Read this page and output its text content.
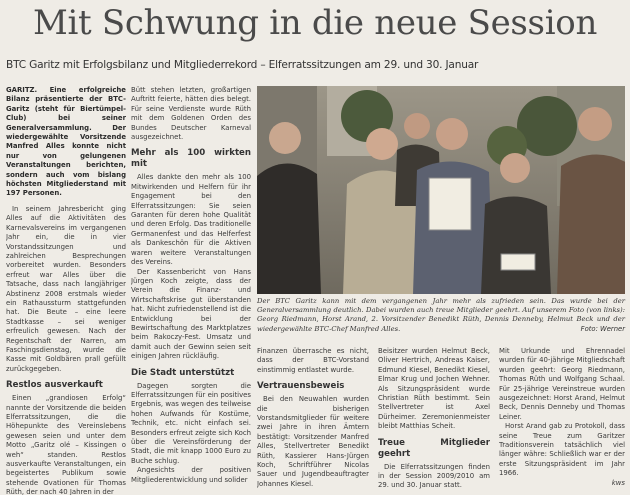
Mit Schwung in die neue Session
BTC Garitz mit Erfolgsbilanz und Mitgliederrekord – Elferratssitzungen am 29. und 30. Januar

GARITZ. Eine erfolgreiche Bilanz präsentierte der BTC-Garitz (steht für Biertümpel-Club) bei seiner Generalversammlung. Der wiedergewählte Vorsitzende Manfred Alles konnte nicht nur von gelungenen Veranstaltungen berichten, sondern auch vom bislang höchsten Mitgliederstand mit 197 Personen.

In seinem Jahresbericht ging Alles auf die Aktivitäten des Karnevalsvereins im vergangenen Jahr ein, die in vier Vorstandssitzungen und zahlreichen Besprechungen vorbereitet wurden. Besonders erfreut war Alles über die Tatsache, dass nach langjähriger Abstinenz 2008 erstmals wieder ein Rathaussturm stattgefunden hat. Die Beute – eine leere Stadtkasse – sei weniger erfreulich gewesen. Nach der Regentschaft der Narren, am Faschingsdienstag, wurde die Kasse mit Goldbären prall gefüllt zurückgegeben.

Restlos ausverkauft

Einen „grandiosen Erfolg“ nannte der Vorsitzende die beiden Elferratssitzungen, die die Höhepunkte des Vereinslebens gewesen seien und unter dem Motto „Garitz olé – Kissingen o weh“ standen. Restlos ausverkaufte Veranstaltungen, ein begeistertes Publikum sowie stehende Ovationen für Thomas Rüth, der nach 40 Jahren in der

Bütt stehen letzten, großartigen Auftritt feierte, hätten dies belegt. Für seine Verdienste wurde Rüth mit dem Goldenen Orden des Bundes Deutscher Karneval ausgezeichnet.

Mehr als 100 wirkten mit

Alles dankte den mehr als 100 Mitwirkenden und Helfern für ihr Engagement bei den Elferratssitzungen: Sie seien Garanten für deren hohe Qualität und deren Erfolg. Das traditionelle Germanenfest und das Helferfest als Dankeschön für die Aktiven waren weitere Veranstaltungen des Vereins.

Der Kassenbericht von Hans Jürgen Koch zeigte, dass der Verein die Finanz- und Wirtschaftskrise gut überstanden hat. Nicht zufriedenstellend ist die Entwicklung bei der Bewirtschaftung des Marktplatzes beim Rakoczy-Fest. Umsatz und damit auch der Gewinn seien seit einigen Jahren rückläufig.

Die Stadt unterstützt

Dagegen sorgten die Elferratssitzungen für ein positives Ergebnis, was wegen des teilweise hohen Aufwands für Kostüme, Technik, etc. nicht einfach sei. Besonders erfreut zeigte sich Koch über die Vereinsförderung der Stadt, die mit knapp 1000 Euro zu Buche schlug.

Angesichts der positiven Mitgliederentwicklung und solider

Der BTC Garitz kann mit dem vergangenen Jahr mehr als zufrieden sein. Das wurde bei der Generalversammlung deutlich. Dabei wurden auch treue Mitglieder geehrt. Auf unserem Foto (von links): Georg Riedmann, Horst Arand, 2. Vorsitzender Benedikt Rüth, Dennis Denneby, Helmut Beck und der wiedergewählte BTC-Chef Manfred Alles.	Foto: Werner

Finanzen überrasche es nicht, dass der BTC-Vorstand einstimmig entlastet wurde.

Vertrauensbeweis

Bei den Neuwahlen wurden die bisherigen Vorstandsmitglieder für weitere zwei Jahre in ihren Ämtern bestätigt: Vorsitzender Manfred Alles, Stellvertreter Benedikt Rüth, Kassierer Hans-Jürgen Koch, Schriftführer Nicolas Sauer und Jugendbeauftragter Johannes Kiesel.

Beisitzer wurden Helmut Beck, Oliver Hertrich, Andreas Kaiser, Edmund Kiesel, Benedikt Kiesel, Elmar Krug und Jochen Wehner. Als Sitzungspräsident wurde Christian Rüth bestimmt. Sein Stellvertreter ist Axel Dürheimer. Zeremonienmeister bleibt Matthias Scheit.

Treue Mitglieder geehrt

Die Elferratssitzungen finden in der Session 2009/2010 am 29. und 30. Januar statt.

Mit Urkunde und Ehrennadel wurden für 40-jährige Mitgliedschaft wurden geehrt: Georg Riedmann, Thomas Rüth und Wolfgang Schaal. Für 25-jährige Vereinstreue wurden ausgezeichnet: Horst Arand, Helmut Beck, Dennis Denneby und Thomas Leiner.

Horst Arand gab zu Protokoll, dass seine Treue zum Garitzer Traditionsverein tatsächlich viel länger währe: Schließlich war er der erste Sitzungspräsident im Jahr 1966.

kws
